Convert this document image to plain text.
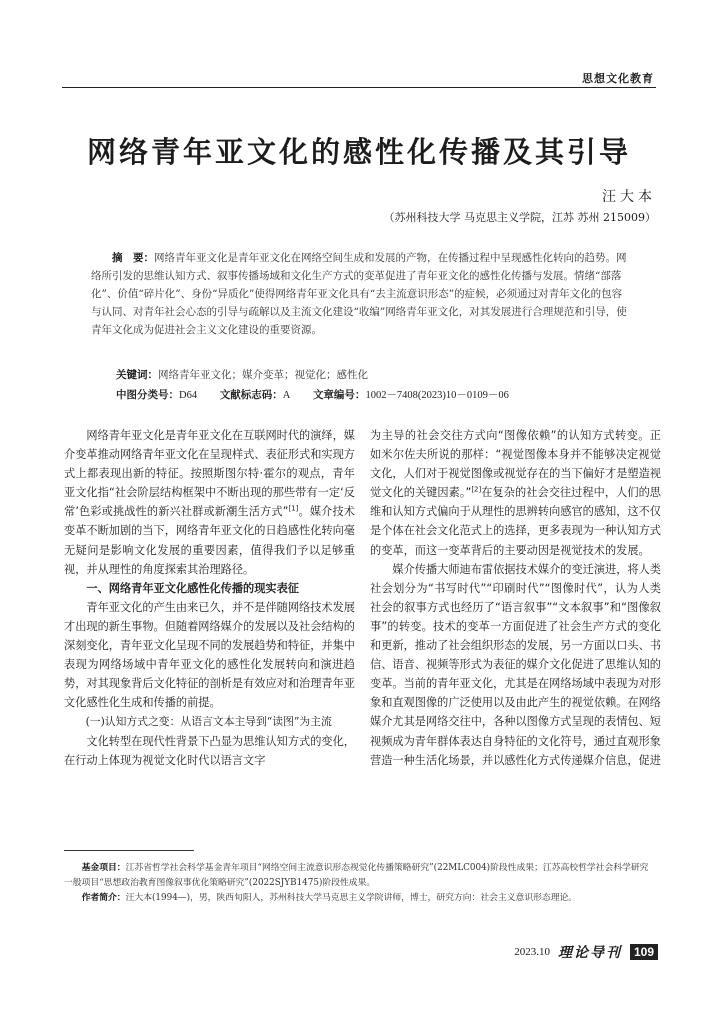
思想文化教育
网络青年亚文化的感性化传播及其引导
汪大本
（苏州科技大学 马克思主义学院，江苏 苏州 215009）

摘　要：网络青年亚文化是青年亚文化在网络空间生成和发展的产物，在传播过程中呈现感性化转向的趋势。网络所引发的思维认知方式、叙事传播场域和文化生产方式的变革促进了青年亚文化的感性化传播与发展。情绪“部落化”、价值“碎片化”、身份“异质化”使得网络青年亚文化具有“去主流意识形态”的症候，必须通过对青年文化的包容与认同、对青年社会心态的引导与疏解以及主流文化建设“收编”网络青年亚文化，对其发展进行合理规范和引导，使青年文化成为促进社会主义文化建设的重要资源。

关键词：网络青年亚文化；媒介变革；视觉化；感性化
中图分类号：D64 文献标志码：A 文章编号：1002－7408(2023)10－0109－06

网络青年亚文化是青年亚文化在互联网时代的演绎，媒介变革推动网络青年亚文化在呈现样式、表征形式和实现方式上都表现出新的特征。按照斯图尔特·霍尔的观点，青年亚文化指“社会阶层结构框架中不断出现的那些带有一定‘反常’色彩或挑战性的新兴社群或新潮生活方式”[1]。媒介技术变革不断加剧的当下，网络青年亚文化的日趋感性化转向毫无疑问是影响文化发展的重要因素，值得我们予以足够重视，并从理性的角度探索其治理路径。

一、网络青年亚文化感性化传播的现实表征

青年亚文化的产生由来已久，并不是伴随网络技术发展才出现的新生事物。但随着网络媒介的发展以及社会结构的深刻变化，青年亚文化呈现不同的发展趋势和特征，并集中表现为网络场域中青年亚文化的感性化发展转向和演进趋势，对其现象背后文化特征的剖析是有效应对和治理青年亚文化感性化生成和传播的前提。

(一)认知方式之变：从语言文本主导到“读图”为主流

文化转型在现代性背景下凸显为思维认知方式的变化，在行动上体现为视觉文化时代以语言文字

为主导的社会交往方式向“图像依赖”的认知方式转变。正如米尔佐夫所说的那样：“视觉图像本身并不能够决定视觉文化，人们对于视觉图像或视觉存在的当下偏好才是塑造视觉文化的关键因素。”[2]在复杂的社会交往过程中，人们的思维和认知方式偏向于从理性的思辨转向感官的感知，这不仅是个体在社会文化范式上的选择，更多表现为一种认知方式的变革，而这一变革背后的主要动因是视觉技术的发展。

媒介传播大师迪布雷依据技术媒介的变迁演进，将人类社会划分为“书写时代”“印刷时代”“图像时代”，认为人类社会的叙事方式也经历了“语言叙事”“文本叙事”和“图像叙事”的转变。技术的变革一方面促进了社会生产方式的变化和更新，推动了社会组织形态的发展，另一方面以口头、书信、语音、视频等形式为表征的媒介文化促进了思维认知的变革。当前的青年亚文化，尤其是在网络场域中表现为对形象和直观图像的广泛使用以及由此产生的视觉依赖。在网络媒介尤其是网络交往中，各种以图像方式呈现的表情包、短视频成为青年群体表达自身特征的文化符号，通过直观形象营造一种生活化场景，并以感性化方式传递媒介信息，促进

基金项目：江苏省哲学社会科学基金青年项目“网络空间主流意识形态视觉化传播策略研究”(22MLC004)阶段性成果；江苏高校哲学社会科学研究一般项目“思想政治教育图像叙事优化策略研究”(2022SJYB1475)阶段性成果。

作者简介：汪大本(1994—)，男，陕西旬阳人，苏州科技大学马克思主义学院讲师，博士，研究方向：社会主义意识形态理论。

2023.10 理论导刊	109
